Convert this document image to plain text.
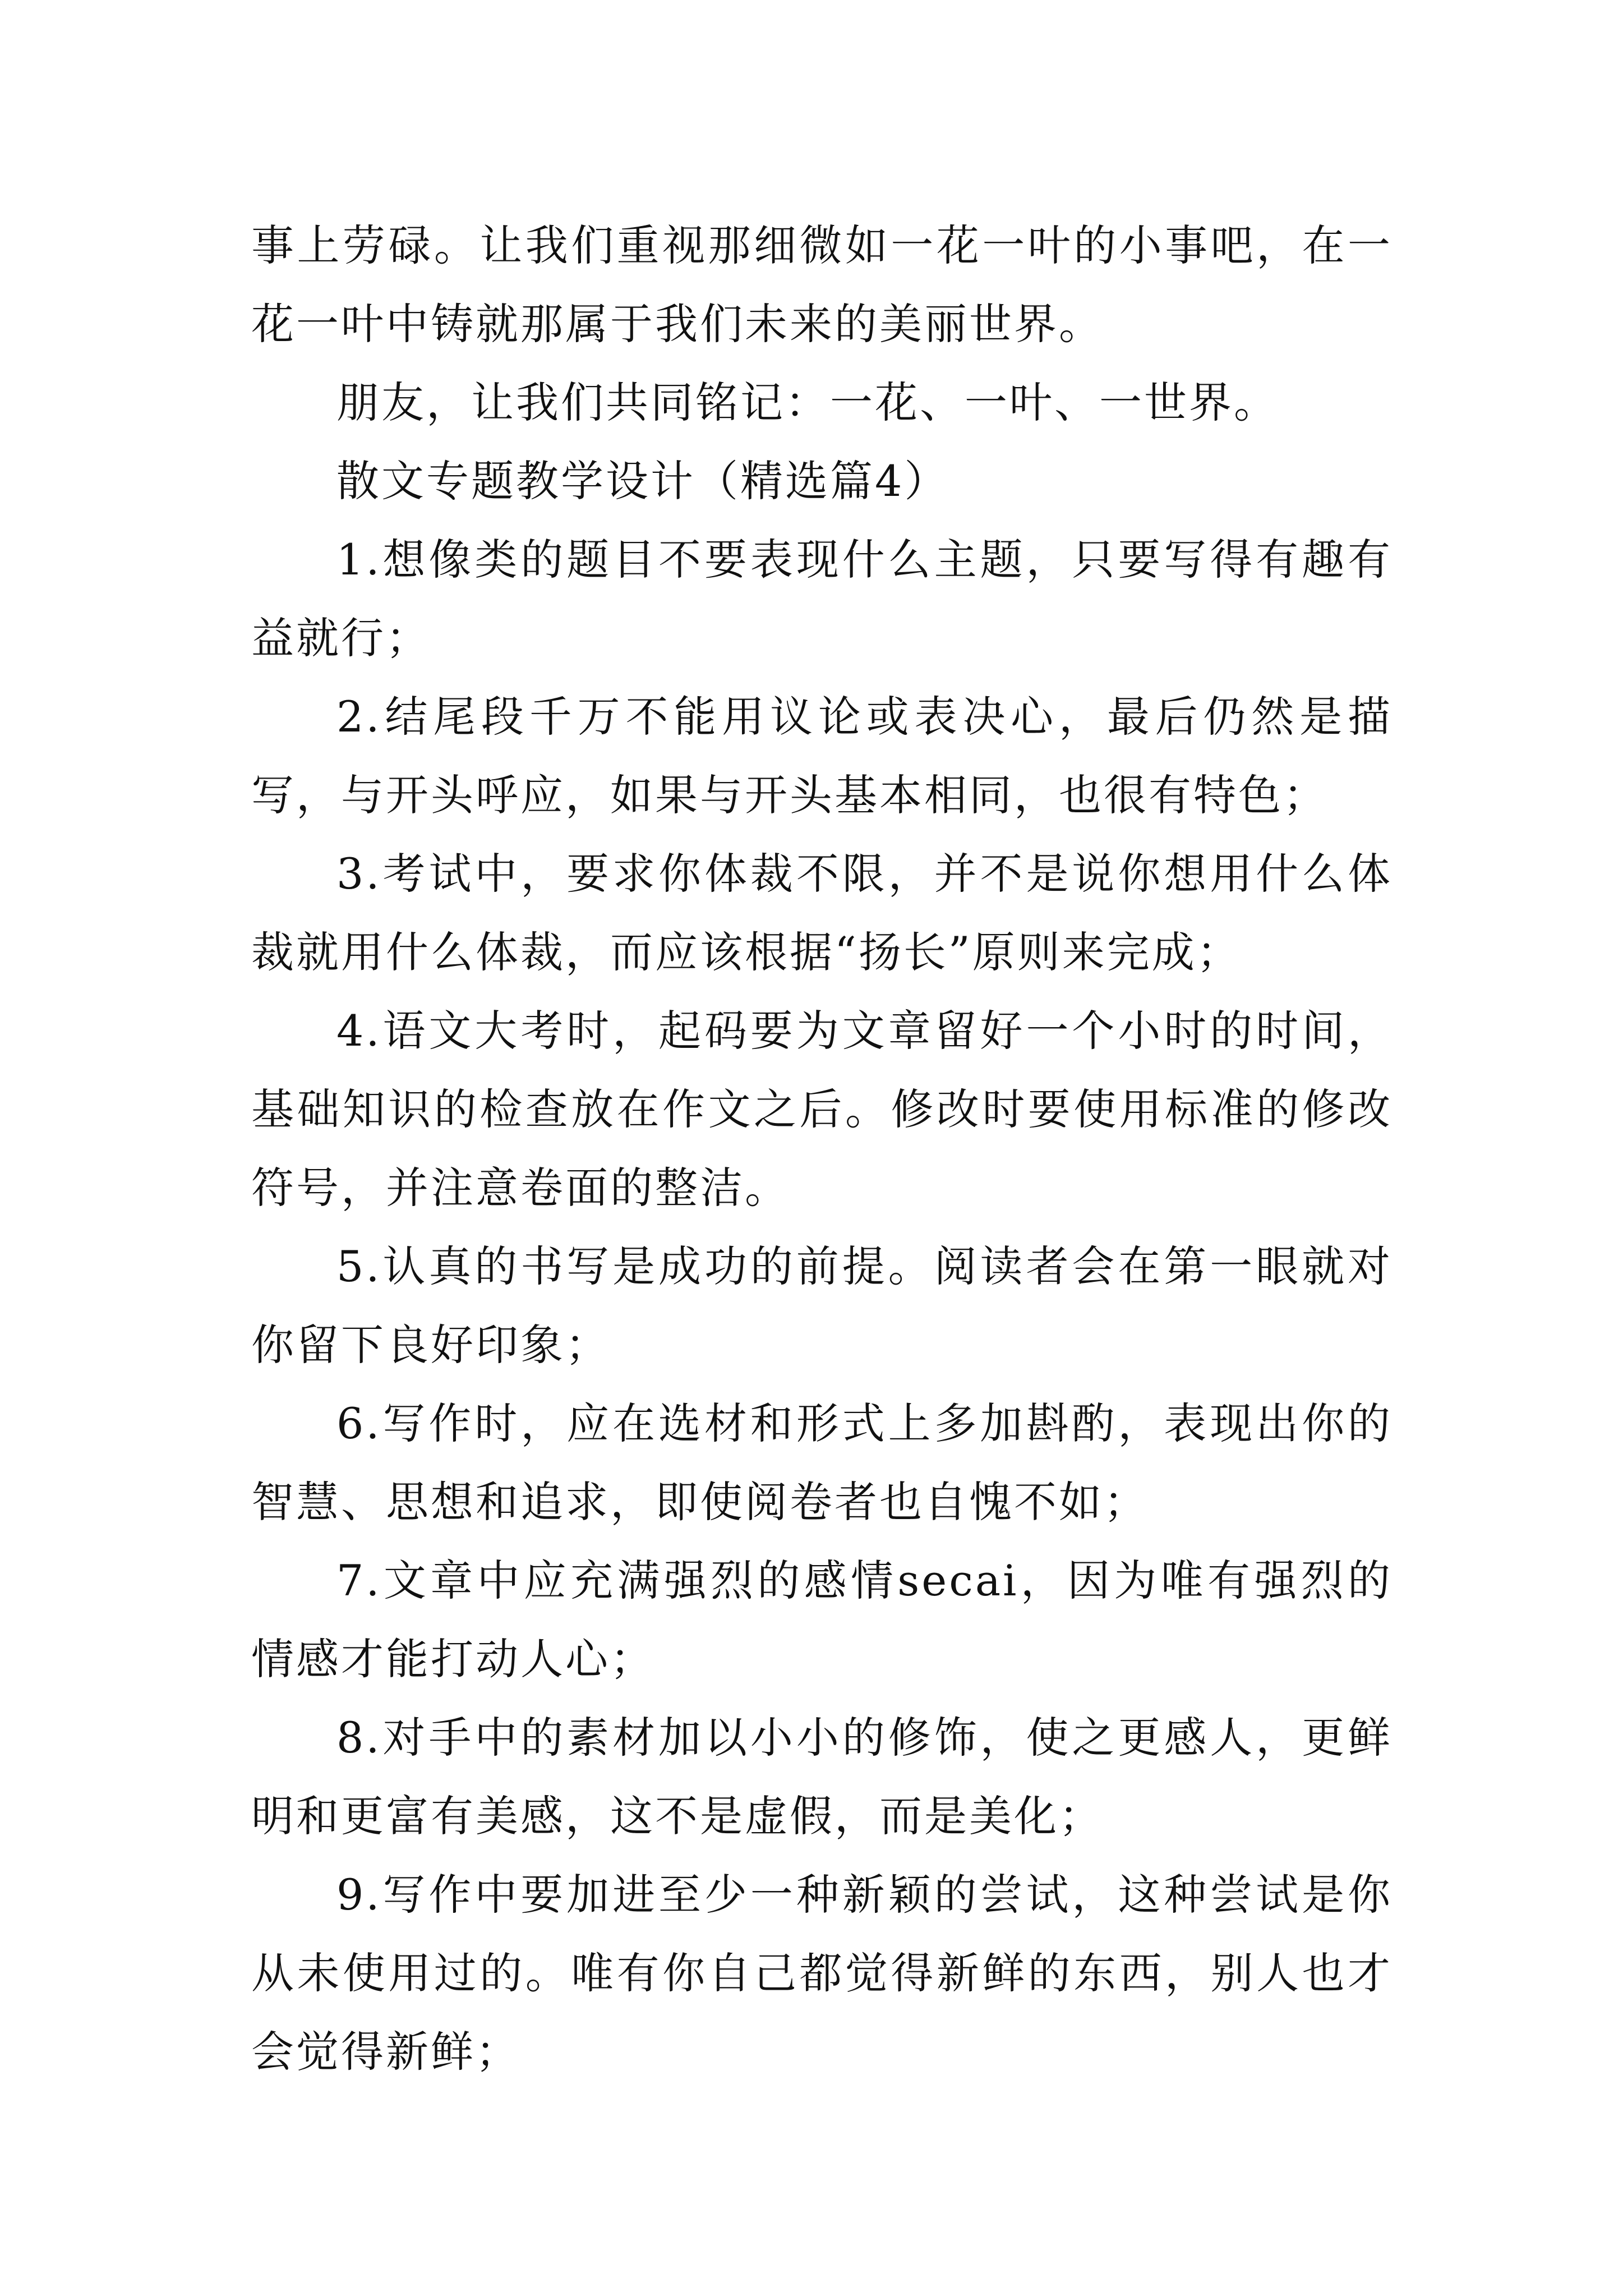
事上劳碌。让我们重视那细微如一花一叶的小事吧，在一花一叶中铸就那属于我们未来的美丽世界。

朋友，让我们共同铭记：一花、一叶、一世界。

散文专题教学设计（精选篇4）

1.想像类的题目不要表现什么主题，只要写得有趣有益就行；

2.结尾段千万不能用议论或表决心，最后仍然是描写，与开头呼应，如果与开头基本相同，也很有特色；

3.考试中，要求你体裁不限，并不是说你想用什么体裁就用什么体裁，而应该根据“扬长”原则来完成；

4.语文大考时，起码要为文章留好一个小时的时间，基础知识的检查放在作文之后。修改时要使用标准的修改符号，并注意卷面的整洁。

5.认真的书写是成功的前提。阅读者会在第一眼就对你留下良好印象；

6.写作时，应在选材和形式上多加斟酌，表现出你的智慧、思想和追求，即使阅卷者也自愧不如；

7.文章中应充满强烈的感情secai，因为唯有强烈的情感才能打动人心；

8.对手中的素材加以小小的修饰，使之更感人，更鲜明和更富有美感，这不是虚假，而是美化；

9.写作中要加进至少一种新颖的尝试，这种尝试是你从未使用过的。唯有你自己都觉得新鲜的东西，别人也才会觉得新鲜；
